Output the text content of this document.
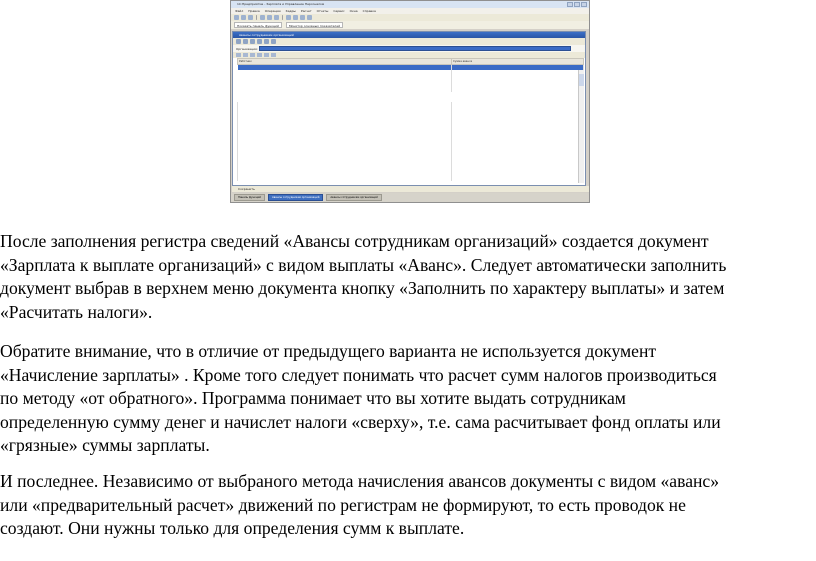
1С:Предприятие - Зарплата и Управление Персоналом
Файл Правка Операции Кадры Расчет Отчеты Сервис Окна Справка
Показать панель функций	Монитор основных показателей
Авансы сотрудникам организаций
Организация:
Работник	Сумма аванса

Сохранить
Панель функций	Авансы сотрудникам организаций	Авансы сотрудникам организаций
После заполнения регистра сведений «Авансы сотрудникам организаций» создается документ
«Зарплата к выплате организаций» с видом выплаты «Аванс». Следует автоматически заполнить
документ выбрав в верхнем меню документа кнопку «Заполнить по характеру выплаты» и затем
«Расчитать налоги».
Обратите внимание, что в отличие от предыдущего варианта не используется документ
«Начисление зарплаты» . Кроме того следует понимать что расчет сумм налогов производиться
по методу «от обратного». Программа понимает что вы хотите выдать сотрудникам
определенную сумму денег и начислет налоги «сверху», т.е. сама расчитывает фонд оплаты или
«грязные» суммы зарплаты.
И последнее. Независимо от выбраного метода начисления авансов документы с видом «аванс»
или «предварительный расчет» движений по регистрам не формируют, то есть проводок не
создают. Они нужны только для определения сумм к выплате.
